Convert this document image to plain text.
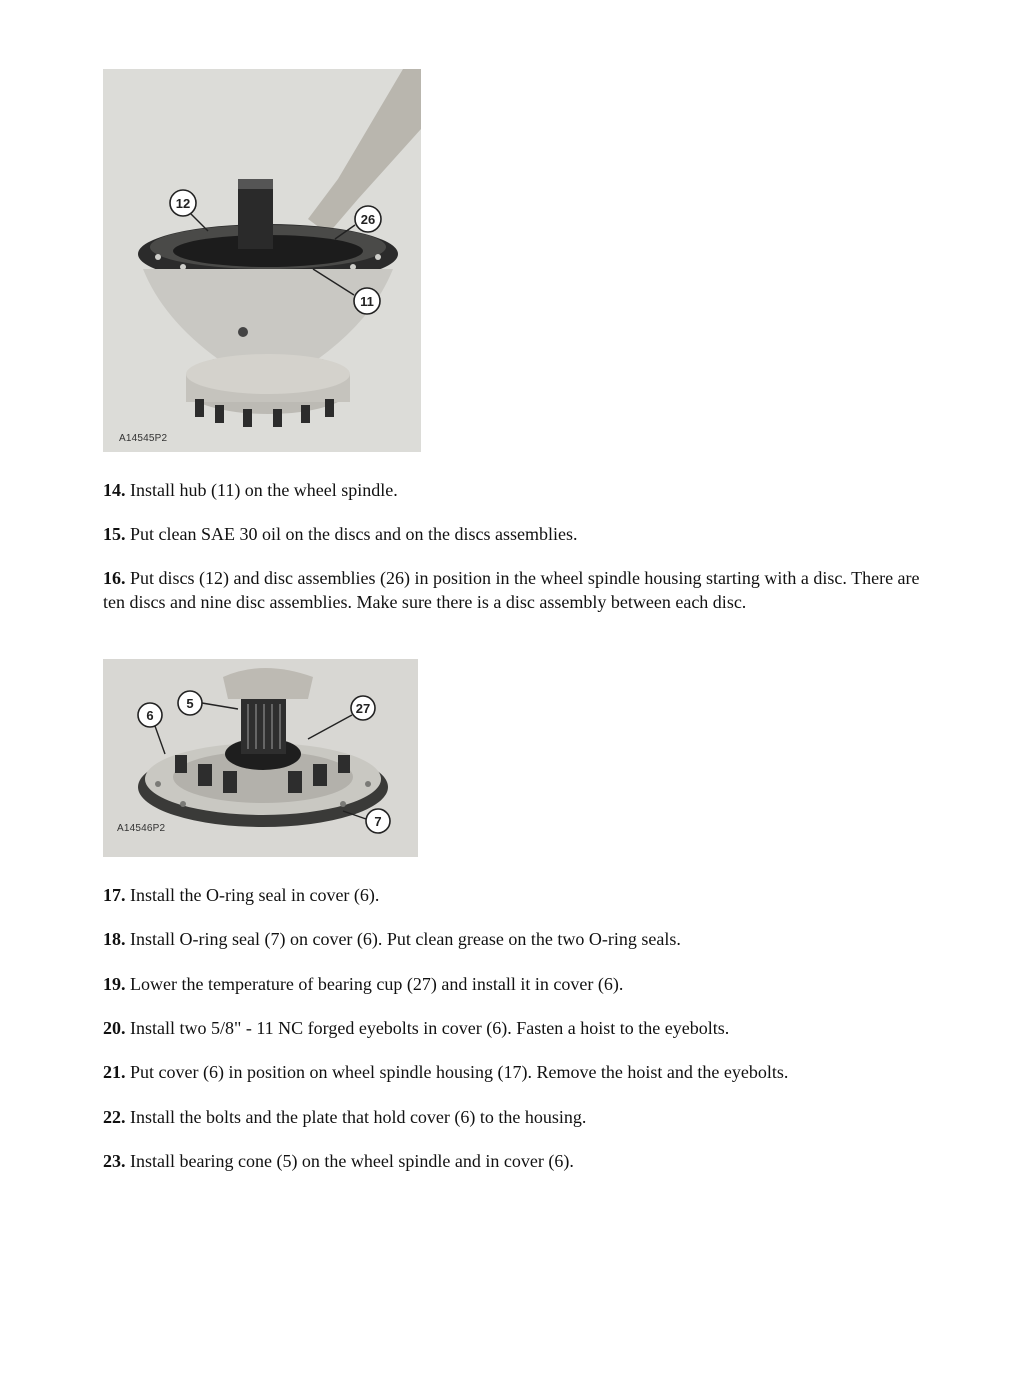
12
26
11
A14545P2

14. Install hub (11) on the wheel spindle.

15. Put clean SAE 30 oil on the discs and on the discs assemblies.

16. Put discs (12) and disc assemblies (26) in position in the wheel spindle housing starting with a disc. There are ten discs and nine disc assemblies. Make sure there is a disc assembly between each disc.

5
6	27
7
A14546P2

17. Install the O-ring seal in cover (6).

18. Install O-ring seal (7) on cover (6). Put clean grease on the two O-ring seals.

19. Lower the temperature of bearing cup (27) and install it in cover (6).

20. Install two 5/8" - 11 NC forged eyebolts in cover (6). Fasten a hoist to the eyebolts.

21. Put cover (6) in position on wheel spindle housing (17). Remove the hoist and the eyebolts.

22. Install the bolts and the plate that hold cover (6) to the housing.

23. Install bearing cone (5) on the wheel spindle and in cover (6).
